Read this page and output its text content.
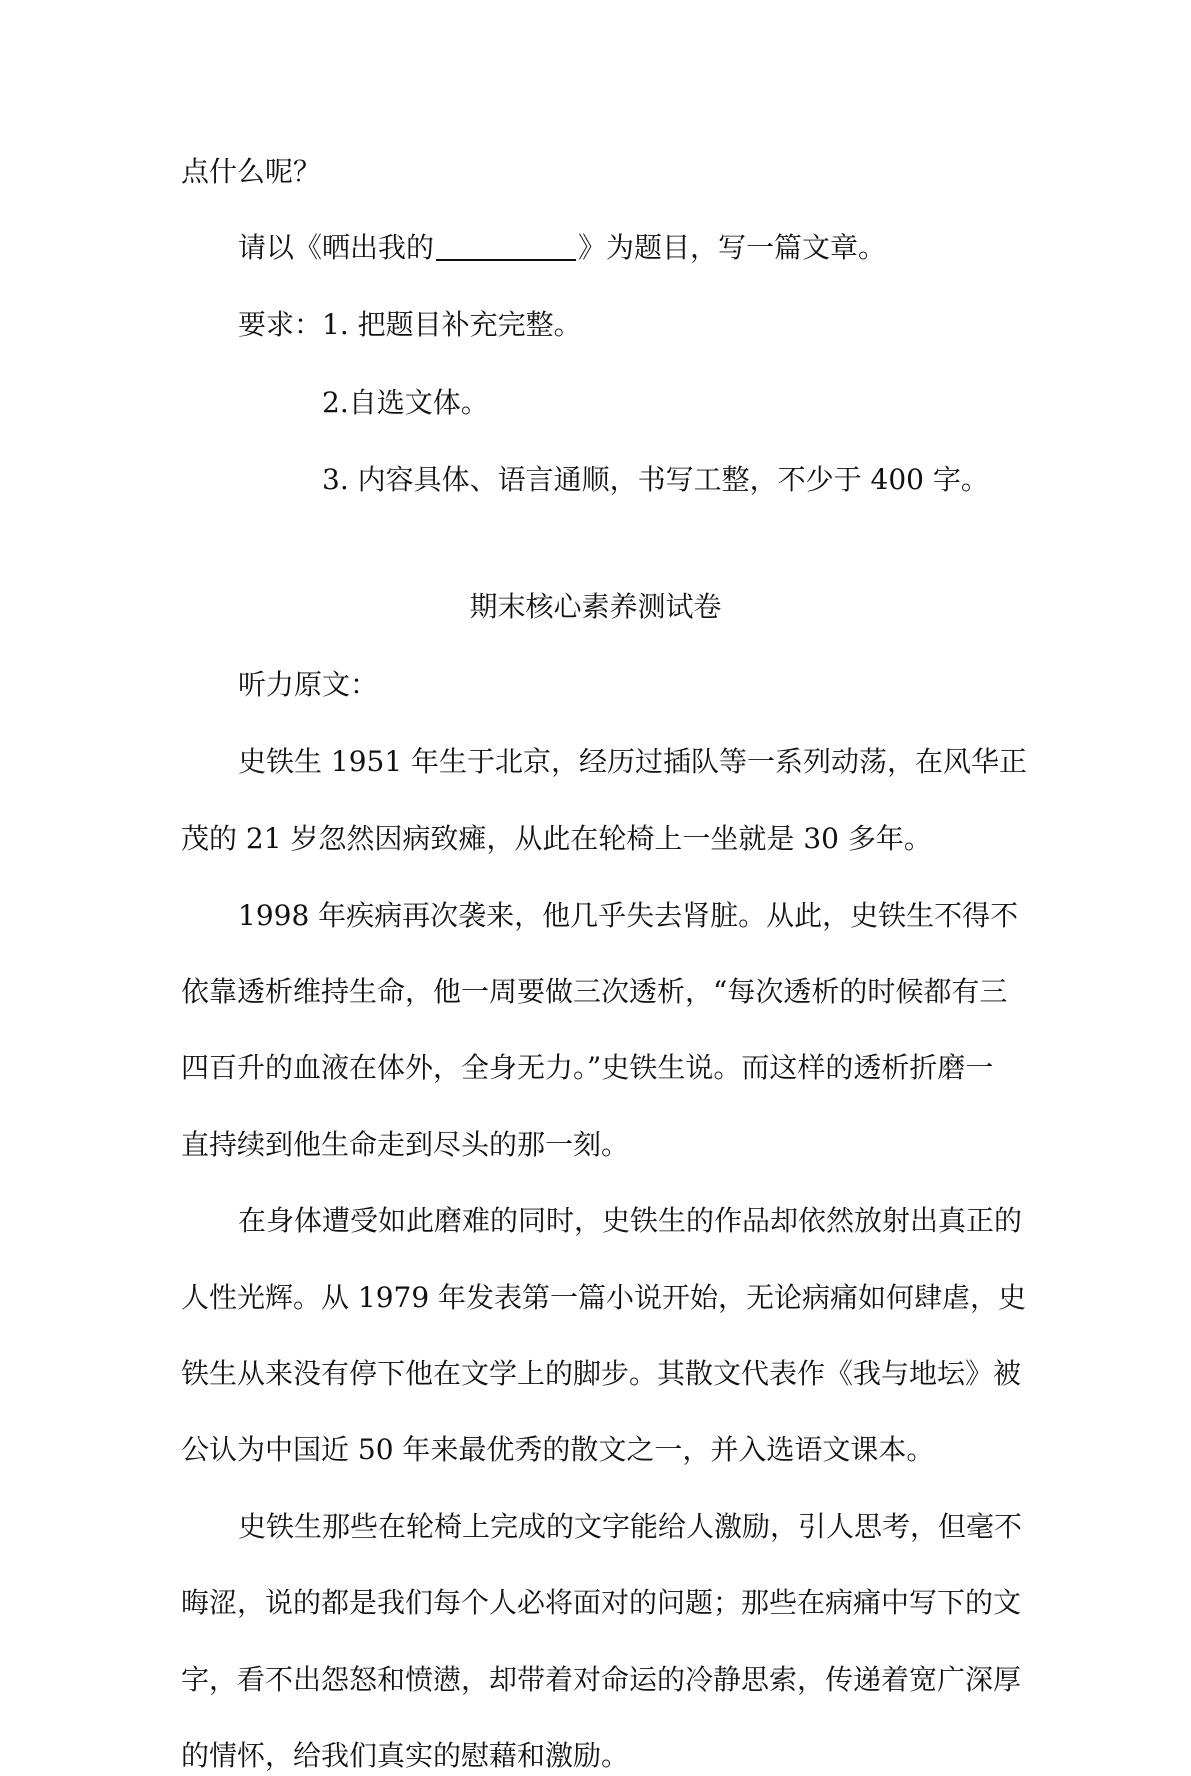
点什么呢？
请以《晒出我的	》为题目，写一篇文章。
要求：1. 把题目补充完整。
2.自选文体。
3. 内容具体、语言通顺，书写工整，不少于 400 字。
期末核心素养测试卷
听力原文：
史铁生 1951 年生于北京，经历过插队等一系列动荡，在风华正
茂的 21 岁忽然因病致瘫，从此在轮椅上一坐就是 30 多年。
1998 年疾病再次袭来，他几乎失去肾脏。从此，史铁生不得不
依靠透析维持生命，他一周要做三次透析，“每次透析的时候都有三
四百升的血液在体外，全身无力。”史铁生说。而这样的透析折磨一
直持续到他生命走到尽头的那一刻。
在身体遭受如此磨难的同时，史铁生的作品却依然放射出真正的
人性光辉。从 1979 年发表第一篇小说开始，无论病痛如何肆虐，史
铁生从来没有停下他在文学上的脚步。其散文代表作《我与地坛》被
公认为中国近 50 年来最优秀的散文之一，并入选语文课本。
史铁生那些在轮椅上完成的文字能给人激励，引人思考，但毫不
晦涩，说的都是我们每个人必将面对的问题；那些在病痛中写下的文
字，看不出怨怒和愤懑，却带着对命运的冷静思索，传递着宽广深厚
的情怀，给我们真实的慰藉和激励。
